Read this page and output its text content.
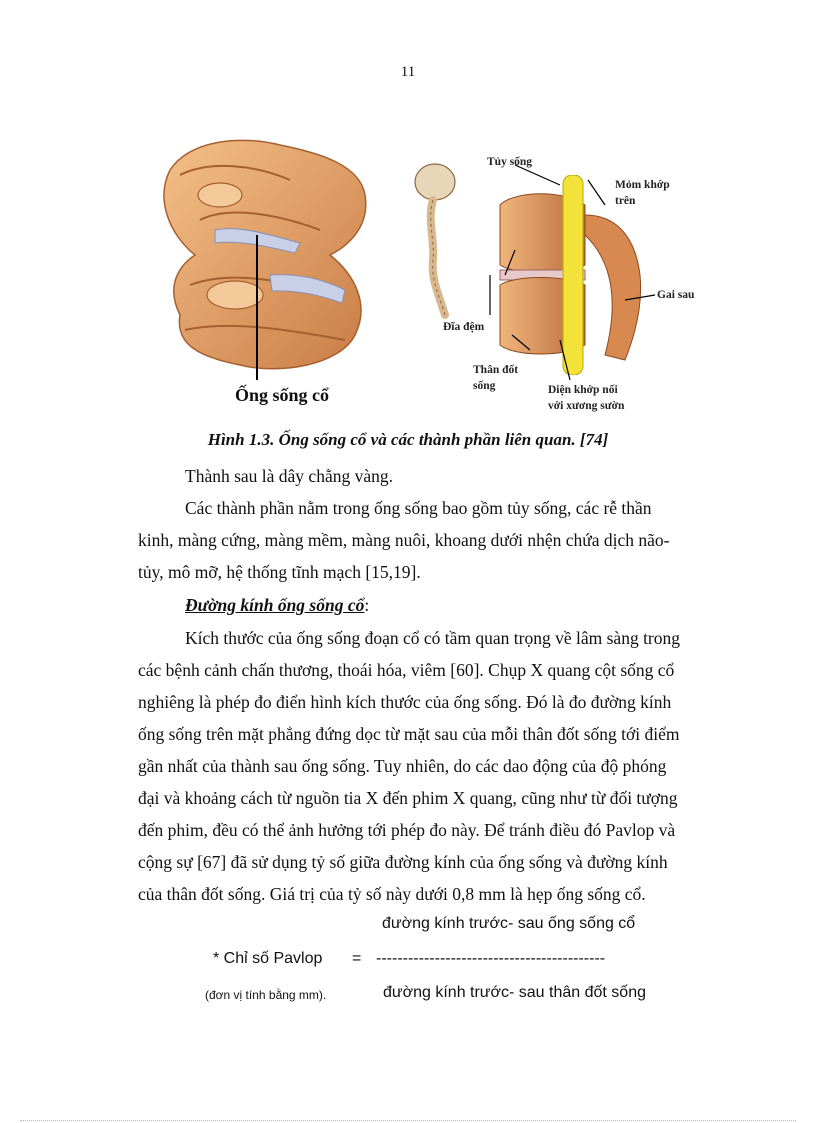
11
Ống sống cổ
Tủy sống
Mỏm khớp
trên
Gai sau
Đĩa đệm
Thân đốt
sống	Diện khớp nối
với xương sườn
Hình 1.3. Ống sống cổ và các thành phần liên quan. [74]
Thành sau là dây chằng vàng.
Các thành phần nằm trong ống sống bao gồm tủy sống, các rễ thần
kinh, màng cứng, màng mềm, màng nuôi, khoang dưới nhện chứa dịch não-
tủy, mô mỡ, hệ thống tĩnh mạch [15,19].
Đường kính ống sống cổ:
Kích thước của ống sống đoạn cổ có tầm quan trọng về lâm sàng trong
các bệnh cảnh chấn thương, thoái hóa, viêm [60]. Chụp X quang cột sống cổ
nghiêng là phép đo điển hình kích thước của ống sống. Đó là đo đường kính
ống sống trên mặt phẳng đứng dọc từ mặt sau của mỗi thân đốt sống tới điểm
gần nhất của thành sau ống sống. Tuy nhiên, do các dao động của độ phóng
đại và khoảng cách từ nguồn tia X đến phim X quang, cũng như từ đối tượng
đến phim, đều có thể ảnh hưởng tới phép đo này. Để tránh điều đó Pavlop và
cộng sự [67] đã sử dụng tỷ số giữa đường kính của ống sống và đường kính
của thân đốt sống. Giá trị của tỷ số này dưới 0,8 mm là hẹp ống sống cổ.
đường kính trước- sau ống sống cổ
* Chỉ số Pavlop = -------------------------------------------
(đơn vị tính bằng mm).	đường kính trước- sau thân đốt sống
